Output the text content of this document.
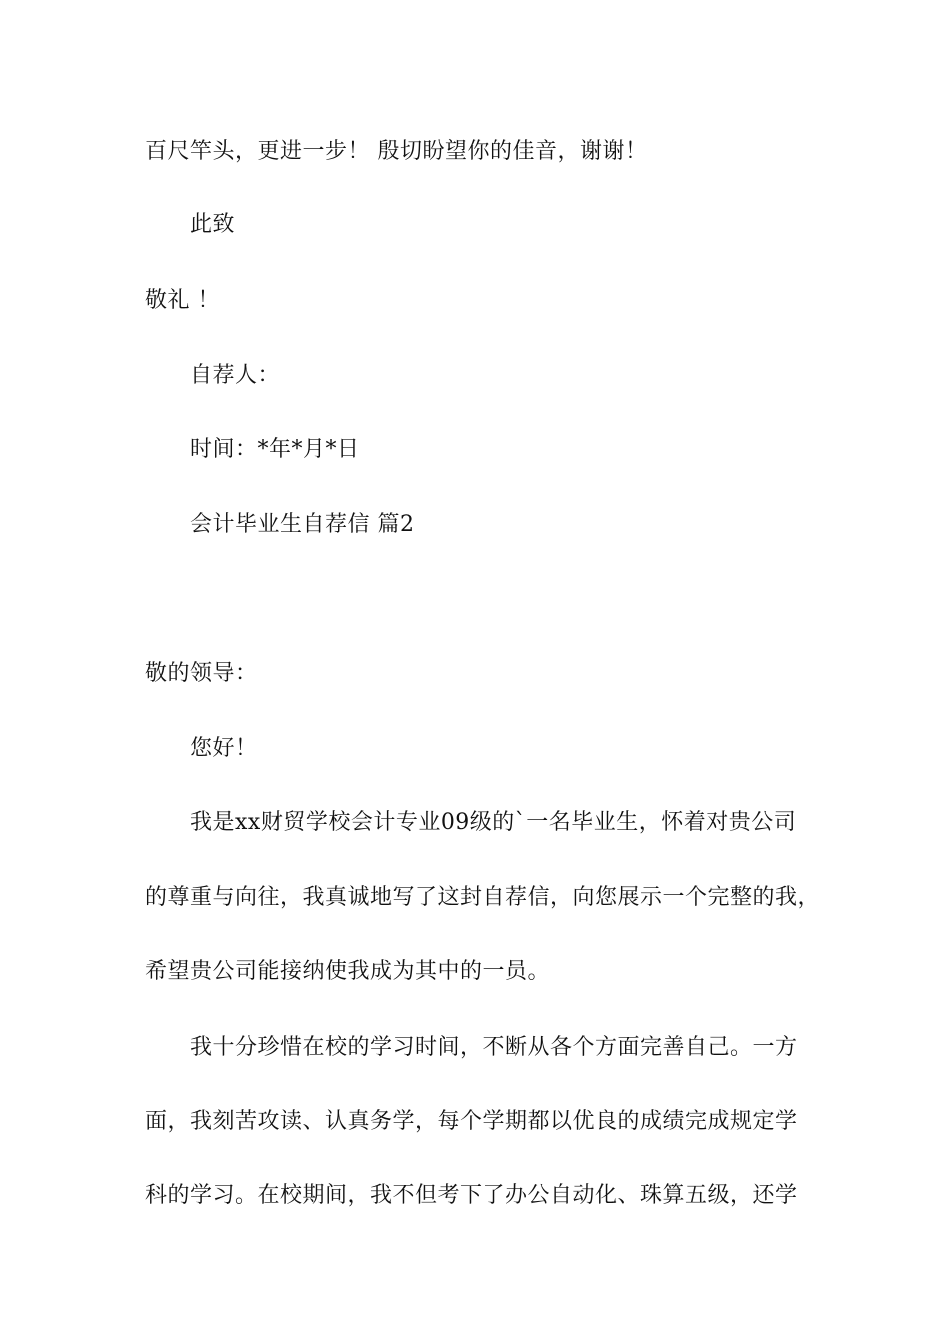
百尺竿头，更进一步！ 殷切盼望你的佳音，谢谢！
此致
敬礼 ！
自荐人：
时间：*年*月*日
会计毕业生自荐信 篇2
敬的领导：
您好！
我是xx财贸学校会计专业09级的`一名毕业生，怀着对贵公司
的尊重与向往，我真诚地写了这封自荐信，向您展示一个完整的我，
希望贵公司能接纳使我成为其中的一员。
我十分珍惜在校的学习时间，不断从各个方面完善自己。一方
面，我刻苦攻读、认真务学，每个学期都以优良的成绩完成规定学
科的学习。在校期间，我不但考下了办公自动化、珠算五级，还学
